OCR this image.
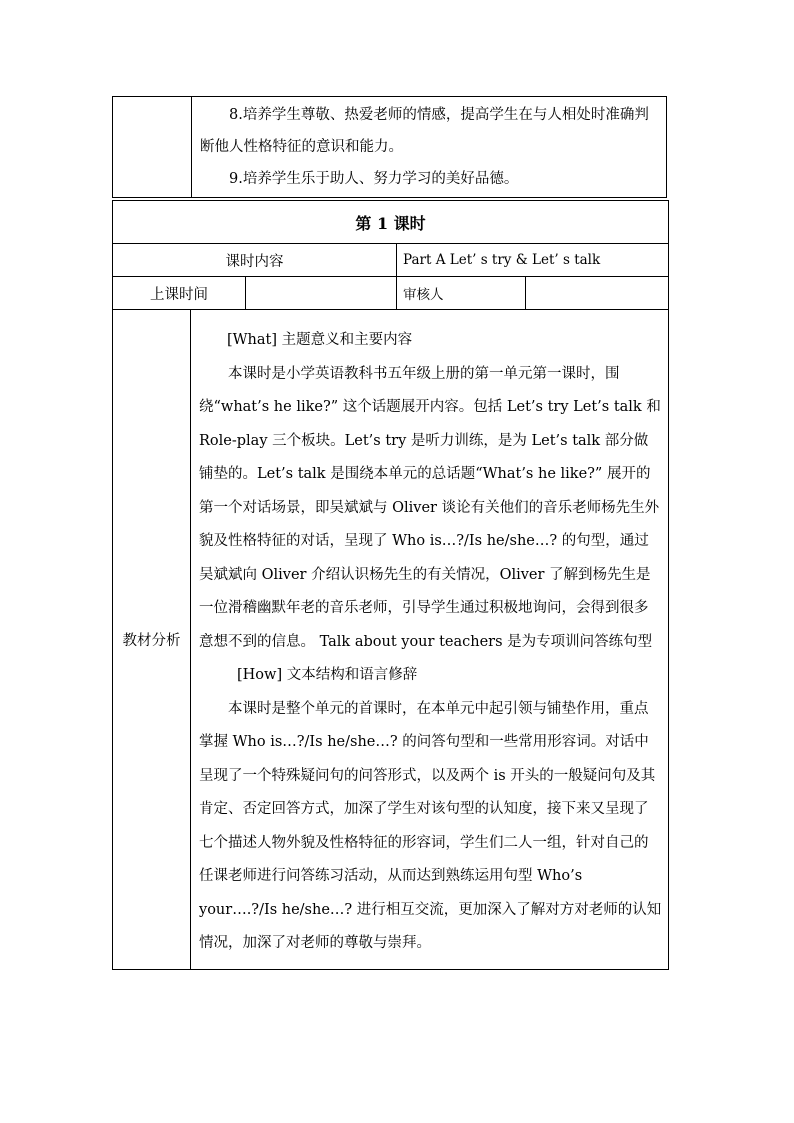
8.培养学生尊敬、热爱老师的情感，提高学生在与人相处时准确判断他人性格特征的意识和能力。

9.培养学生乐于助人、努力学习的美好品德。

第 1 课时				
课时内容			Part A Let’ s try & Let’ s talk	
上课时间			审核人	
教材分析	[What] 主题意义和主要内容

本课时是小学英语教科书五年级上册的第一单元第一课时，围绕“what’s he like?” 这个话题展开内容。包括 Let’s try Let’s talk 和 Role-play 三个板块。Let’s try 是听力训练，是为 Let’s talk 部分做铺垫的。Let’s talk 是围绕本单元的总话题“What’s he like?” 展开的第一个对话场景，即吴斌斌与 Oliver 谈论有关他们的音乐老师杨先生外貌及性格特征的对话，呈现了 Who is…?/Is he/she…? 的句型，通过吴斌斌向 Oliver 介绍认识杨先生的有关情况，Oliver 了解到杨先生是一位滑稽幽默年老的音乐老师，引导学生通过积极地询问，会得到很多意想不到的信息。 Talk about your teachers 是为专项训问答练句型

[How] 文本结构和语言修辞

本课时是整个单元的首课时，在本单元中起引领与铺垫作用，重点掌握 Who is…?/Is he/she…? 的问答句型和一些常用形容词。对话中呈现了一个特殊疑问句的问答形式，以及两个 is 开头的一般疑问句及其肯定、否定回答方式，加深了学生对该句型的认知度，接下来又呈现了七个描述人物外貌及性格特征的形容词，学生们二人一组，针对自己的任课老师进行问答练习活动，从而达到熟练运用句型 Who’s your….?/Is he/she…? 进行相互交流，更加深入了解对方对老师的认知情况，加深了对老师的尊敬与崇拜。			
